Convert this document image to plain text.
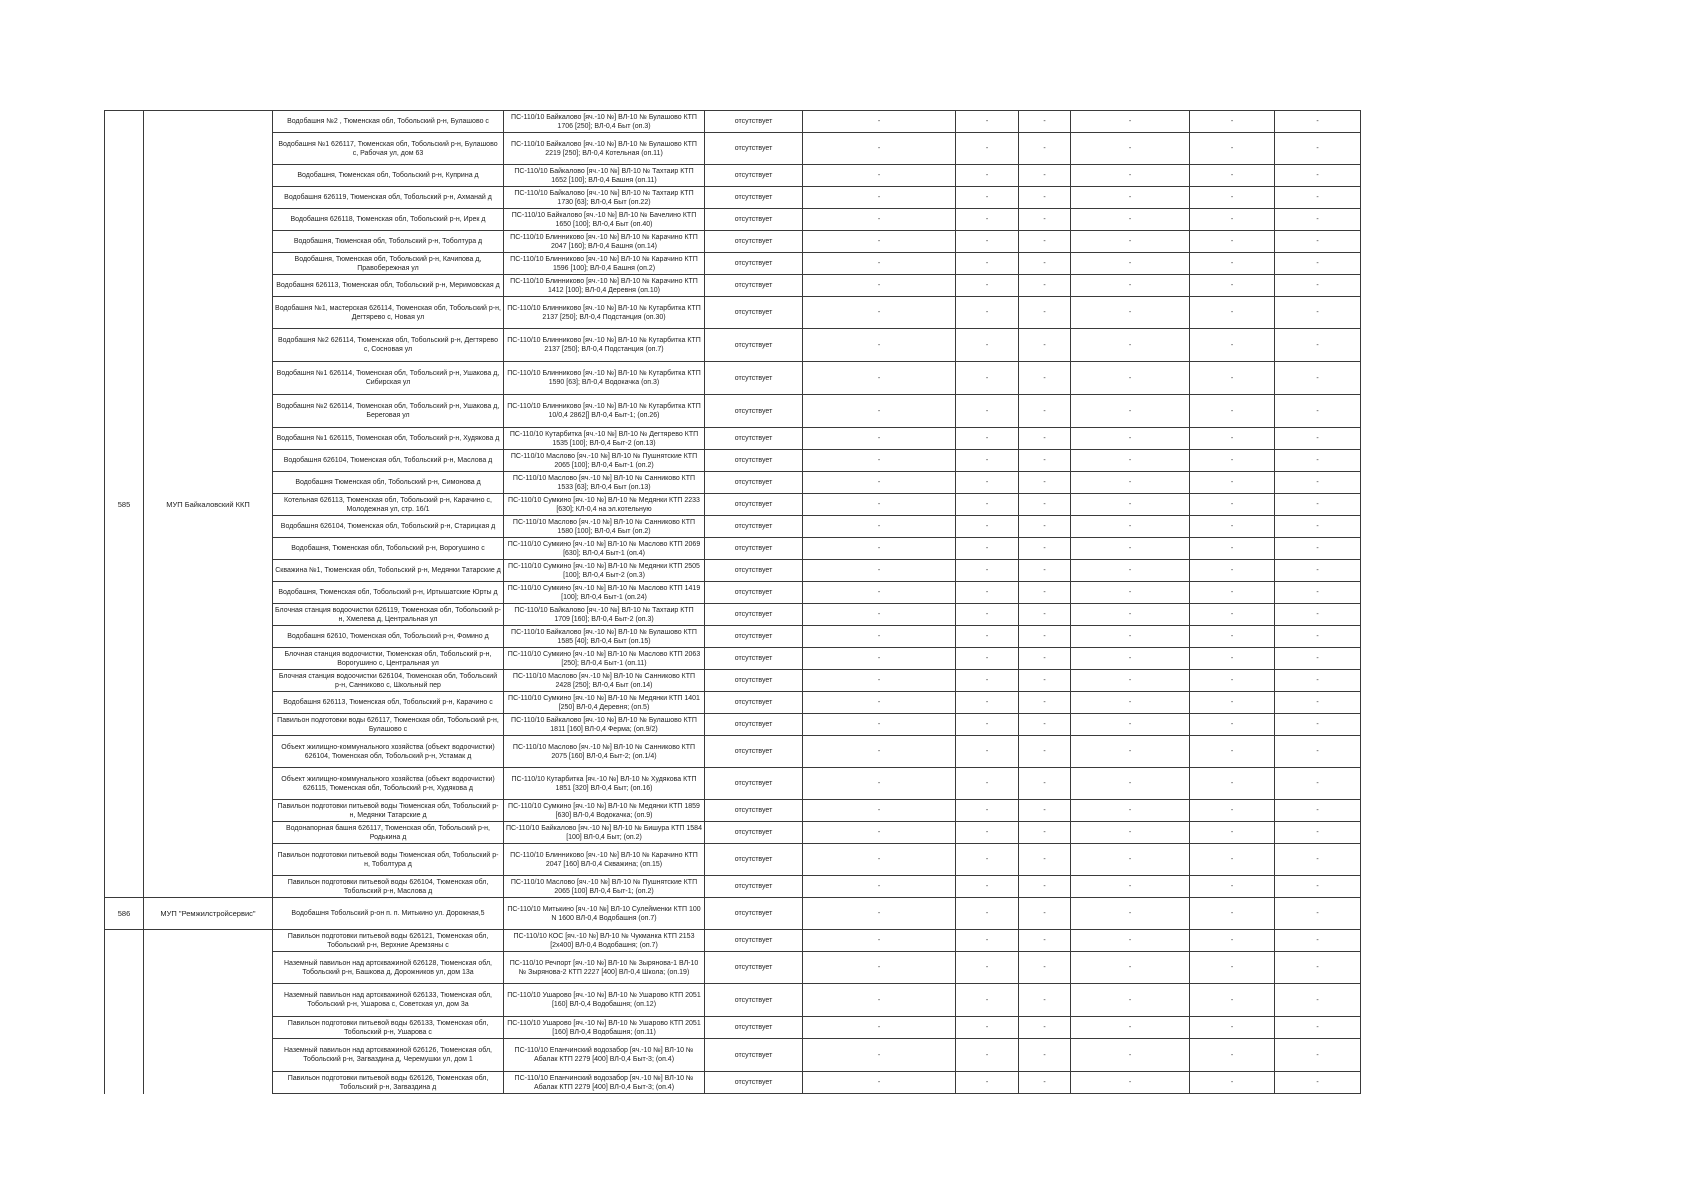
585	МУП Байкаловский ККП	Водобашня №2 , Тюменская обл, Тобольский р-н, Булашово с	ПС-110/10 Байкалово [яч.-10 №] ВЛ-10 № Булашово КТП 1706 [250]; ВЛ-0,4 Быт (оп.3)	отсутствует	-	-	-	-	-	-
		Водобашня №1 626117, Тюменская обл, Тобольский р-н, Булашово с, Рабочая ул, дом 63	ПС-110/10 Байкалово [яч.-10 №] ВЛ-10 № Булашово КТП 2219 [250]; ВЛ-0,4 Котельная (оп.11)	отсутствует	-	-	-	-	-	-
		Водобашня, Тюменская обл, Тобольский р-н, Куприна д	ПС-110/10 Байкалово [яч.-10 №] ВЛ-10 № Тахтаир КТП 1652 [100]; ВЛ-0,4 Башня (оп.11)	отсутствует	-	-	-	-	-	-
		Водобашня 626119, Тюменская обл, Тобольский р-н, Ахманай д	ПС-110/10 Байкалово [яч.-10 №] ВЛ-10 № Тахтаир КТП 1730 [63]; ВЛ-0,4 Быт (оп.22)	отсутствует	-	-	-	-	-	-
		Водобашня 626118, Тюменская обл, Тобольский р-н, Ирек д	ПС-110/10 Байкалово [яч.-10 №] ВЛ-10 № Бачелино КТП 1650 [100]; ВЛ-0,4 Быт (оп.40)	отсутствует	-	-	-	-	-	-
		Водобашня, Тюменская обл, Тобольский р-н, Тоболтура д	ПС-110/10 Блинниково [яч.-10 №] ВЛ-10 № Карачино КТП 2047 [160]; ВЛ-0,4 Башня (оп.14)	отсутствует	-	-	-	-	-	-
		Водобашня, Тюменская обл, Тобольский р-н, Качипова д, Правобережная ул	ПС-110/10 Блинниково [яч.-10 №] ВЛ-10 № Карачино КТП 1596 [100]; ВЛ-0,4 Башня (оп.2)	отсутствует	-	-	-	-	-	-
		Водобашня 626113, Тюменская обл, Тобольский р-н, Меримовская д	ПС-110/10 Блинниково [яч.-10 №] ВЛ-10 № Карачино КТП 1412 [100]; ВЛ-0,4 Деревня (оп.10)	отсутствует	-	-	-	-	-	-
		Водобашня №1, мастерская 626114, Тюменская обл, Тобольский р-н, Дегтярево с, Новая ул	ПС-110/10 Блинниково [яч.-10 №] ВЛ-10 № Кутарбитка КТП 2137 [250]; ВЛ-0,4 Подстанция (оп.30)	отсутствует	-	-	-	-	-	-
		Водобашня №2 626114, Тюменская обл, Тобольский р-н, Дегтярево с, Сосновая ул	ПС-110/10 Блинниково [яч.-10 №] ВЛ-10 № Кутарбитка КТП 2137 [250]; ВЛ-0,4 Подстанция (оп.7)	отсутствует	-	-	-	-	-	-
		Водобашня №1 626114, Тюменская обл, Тобольский р-н, Ушакова д, Сибирская ул	ПС-110/10 Блинниково [яч.-10 №] ВЛ-10 № Кутарбитка КТП 1590 [63]; ВЛ-0,4 Водокачка (оп.3)	отсутствует	-	-	-	-	-	-
		Водобашня №2 626114, Тюменская обл, Тобольский р-н, Ушакова д, Береговая ул	ПС-110/10 Блинниково [яч.-10 №] ВЛ-10 № Кутарбитка КТП 10/0,4 2862[] ВЛ-0,4 Быт-1; (оп.26)	отсутствует	-	-	-	-	-	-
		Водобашня №1 626115, Тюменская обл, Тобольский р-н, Худякова д	ПС-110/10 Кутарбитка [яч.-10 №] ВЛ-10 № Дегтярево КТП 1535 [100]; ВЛ-0,4 Быт-2 (оп.13)	отсутствует	-	-	-	-	-	-
		Водобашня 626104, Тюменская обл, Тобольский р-н, Маслова д	ПС-110/10 Маслово [яч.-10 №] ВЛ-10 № Пушнятские КТП 2065 [100]; ВЛ-0,4 Быт-1 (оп.2)	отсутствует	-	-	-	-	-	-
		Водобашня Тюменская обл, Тобольский р-н, Симонова д	ПС-110/10 Маслово [яч.-10 №] ВЛ-10 № Санниково КТП 1533 [63]; ВЛ-0,4 Быт (оп.13)	отсутствует	-	-	-	-	-	-
		Котельная 626113, Тюменская обл, Тобольский р-н, Карачино с, Молодежная ул, стр. 16/1	ПС-110/10 Сумкино [яч.-10 №] ВЛ-10 № Медянки КТП 2233 [630]; КЛ-0,4 на эл.котельную	отсутствует	-	-	-	-	-	-
		Водобашня 626104, Тюменская обл, Тобольский р-н, Старицкая д	ПС-110/10 Маслово [яч.-10 №] ВЛ-10 № Санниково КТП 1580 [100]; ВЛ-0,4 Быт (оп.2)	отсутствует	-	-	-	-	-	-
		Водобашня, Тюменская обл, Тобольский р-н, Ворогушино с	ПС-110/10 Сумкино [яч.-10 №] ВЛ-10 № Маслово КТП 2069 [630]; ВЛ-0,4 Быт-1 (оп.4)	отсутствует	-	-	-	-	-	-
		Скважина №1, Тюменская обл, Тобольский р-н, Медянки Татарские д	ПС-110/10 Сумкино [яч.-10 №] ВЛ-10 № Медянки КТП 2505 [100]; ВЛ-0,4 Быт-2 (оп.3)	отсутствует	-	-	-	-	-	-
		Водобашня, Тюменская обл, Тобольский р-н, Иртышатские Юрты д	ПС-110/10 Сумкино [яч.-10 №] ВЛ-10 № Маслово КТП 1419 [100]; ВЛ-0,4 Быт-1 (оп.24)	отсутствует	-	-	-	-	-	-
		Блочная станция водоочистки 626119, Тюменская обл, Тобольский р-н, Хмелева д, Центральная ул	ПС-110/10 Байкалово [яч.-10 №] ВЛ-10 № Тахтаир КТП 1709 [160]; ВЛ-0,4 Быт-2 (оп.3)	отсутствует	-	-	-	-	-	-
		Водобашня 62610, Тюменская обл, Тобольский р-н, Фомино д	ПС-110/10 Байкалово [яч.-10 №] ВЛ-10 № Булашово КТП 1585 [40]; ВЛ-0,4 Быт (оп.15)	отсутствует	-	-	-	-	-	-
		Блочная станция водоочистки, Тюменская обл, Тобольский р-н, Ворогушино с, Центральная ул	ПС-110/10 Сумкино [яч.-10 №] ВЛ-10 № Маслово КТП 2063 [250]; ВЛ-0,4 Быт-1 (оп.11)	отсутствует	-	-	-	-	-	-
		Блочная станция водоочистки 626104, Тюменская обл, Тобольский р-н, Санниково с, Школьный пер	ПС-110/10 Маслово [яч.-10 №] ВЛ-10 № Санниково КТП 2428 [250]; ВЛ-0,4 Быт (оп.14)	отсутствует	-	-	-	-	-	-
		Водобашня 626113, Тюменская обл, Тобольский р-н, Карачино с	ПС-110/10 Сумкино [яч.-10 №] ВЛ-10 № Медянки КТП 1401 [250] ВЛ-0,4 Деревня; (оп.5)	отсутствует	-	-	-	-	-	-
		Павильон подготовки воды 626117, Тюменская обл, Тобольский р-н, Булашово с	ПС-110/10 Байкалово [яч.-10 №] ВЛ-10 № Булашово КТП 1811 [160] ВЛ-0,4 Ферма; (оп.9/2)	отсутствует	-	-	-	-	-	-
		Объект жилищно-коммунального хозяйства (объект водоочистки) 626104, Тюменская обл, Тобольский р-н, Устамак д	ПС-110/10 Маслово [яч.-10 №] ВЛ-10 № Санниково КТП 2075 [160] ВЛ-0,4 Быт-2; (оп.1/4)	отсутствует	-	-	-	-	-	-
		Объект жилищно-коммунального хозяйства (объект водоочистки) 626115, Тюменская обл, Тобольский р-н, Худякова д	ПС-110/10 Кутарбитка [яч.-10 №] ВЛ-10 № Худякова КТП 1851 [320] ВЛ-0,4 Быт; (оп.16)	отсутствует	-	-	-	-	-	-
		Павильон подготовки питьевой воды Тюменская обл, Тобольский р-н, Медянки Татарские д	ПС-110/10 Сумкино [яч.-10 №] ВЛ-10 № Медянки КТП 1859 [630] ВЛ-0,4 Водокачка; (оп.9)	отсутствует	-	-	-	-	-	-
		Водонапорная башня 626117, Тюменская обл, Тобольский р-н, Родькина д	ПС-110/10 Байкалово [яч.-10 №] ВЛ-10 № Бишура КТП 1584 [100] ВЛ-0,4 Быт; (оп.2)	отсутствует	-	-	-	-	-	-
		Павильон подготовки питьевой воды Тюменская обл, Тобольский р-н, Тоболтура д	ПС-110/10 Блинниково [яч.-10 №] ВЛ-10 № Карачино КТП 2047 [160] ВЛ-0,4 Скважина; (оп.15)	отсутствует	-	-	-	-	-	-
		Павильон подготовки питьевой воды 626104, Тюменская обл, Тобольский р-н, Маслова д	ПС-110/10 Маслово [яч.-10 №] ВЛ-10 № Пушнятские КТП 2065 [100] ВЛ-0,4 Быт-1; (оп.2)	отсутствует	-	-	-	-	-	-
586	МУП "Ремжилстройсервис"	Водобашня Тобольский р-он п. п. Митькино ул. Дорожная,5	ПС-110/10 Митькино [яч.-10 №] ВЛ-10 Сулейменки КТП 100 N 1600 ВЛ-0,4 Водобашня (оп.7)	отсутствует	-	-	-	-	-	-
		Павильон подготовки питьевой воды 626121, Тюменская обл, Тобольский р-н, Верхние Аремзяны с	ПС-110/10 КОС [яч.-10 №] ВЛ-10 № Чукманка КТП 2153 [2х400] ВЛ-0,4 Водобашня; (оп.7)	отсутствует	-	-	-	-	-	-
		Наземный павильон над артскважиной 626128, Тюменская обл, Тобольский р-н, Башкова д, Дорожников ул, дом 13а	ПС-110/10 Речпорт [яч.-10 №] ВЛ-10 № Зырянова-1 ВЛ-10 № Зырянова-2 КТП 2227 [400] ВЛ-0,4 Школа; (оп.19)	отсутствует	-	-	-	-	-	-
		Наземный павильон над артскважиной 626133, Тюменская обл, Тобольский р-н, Ушарова с, Советская ул, дом 3а	ПС-110/10 Ушарово [яч.-10 №] ВЛ-10 № Ушарово КТП 2051 [160] ВЛ-0,4 Водобашня; (оп.12)	отсутствует	-	-	-	-	-	-
		Павильон подготовки питьевой воды 626133, Тюменская обл, Тобольский р-н, Ушарова с	ПС-110/10 Ушарово [яч.-10 №] ВЛ-10 № Ушарово КТП 2051 [160] ВЛ-0,4 Водобашня; (оп.11)	отсутствует	-	-	-	-	-	-
		Наземный павильон над артскважиной 626126, Тюменская обл, Тобольский р-н, Загваздина д, Черемушки ул, дом 1	ПС-110/10 Епанчинский водозабор [яч.-10 №] ВЛ-10 № Абалак КТП 2279 [400] ВЛ-0,4 Быт-3; (оп.4)	отсутствует	-	-	-	-	-	-
		Павильон подготовки питьевой воды 626126, Тюменская обл, Тобольский р-н, Загваздина д	ПС-110/10 Епанчинский водозабор [яч.-10 №] ВЛ-10 № Абалак КТП 2279 [400] ВЛ-0,4 Быт-3; (оп.4)	отсутствует	-	-	-	-	-	-
